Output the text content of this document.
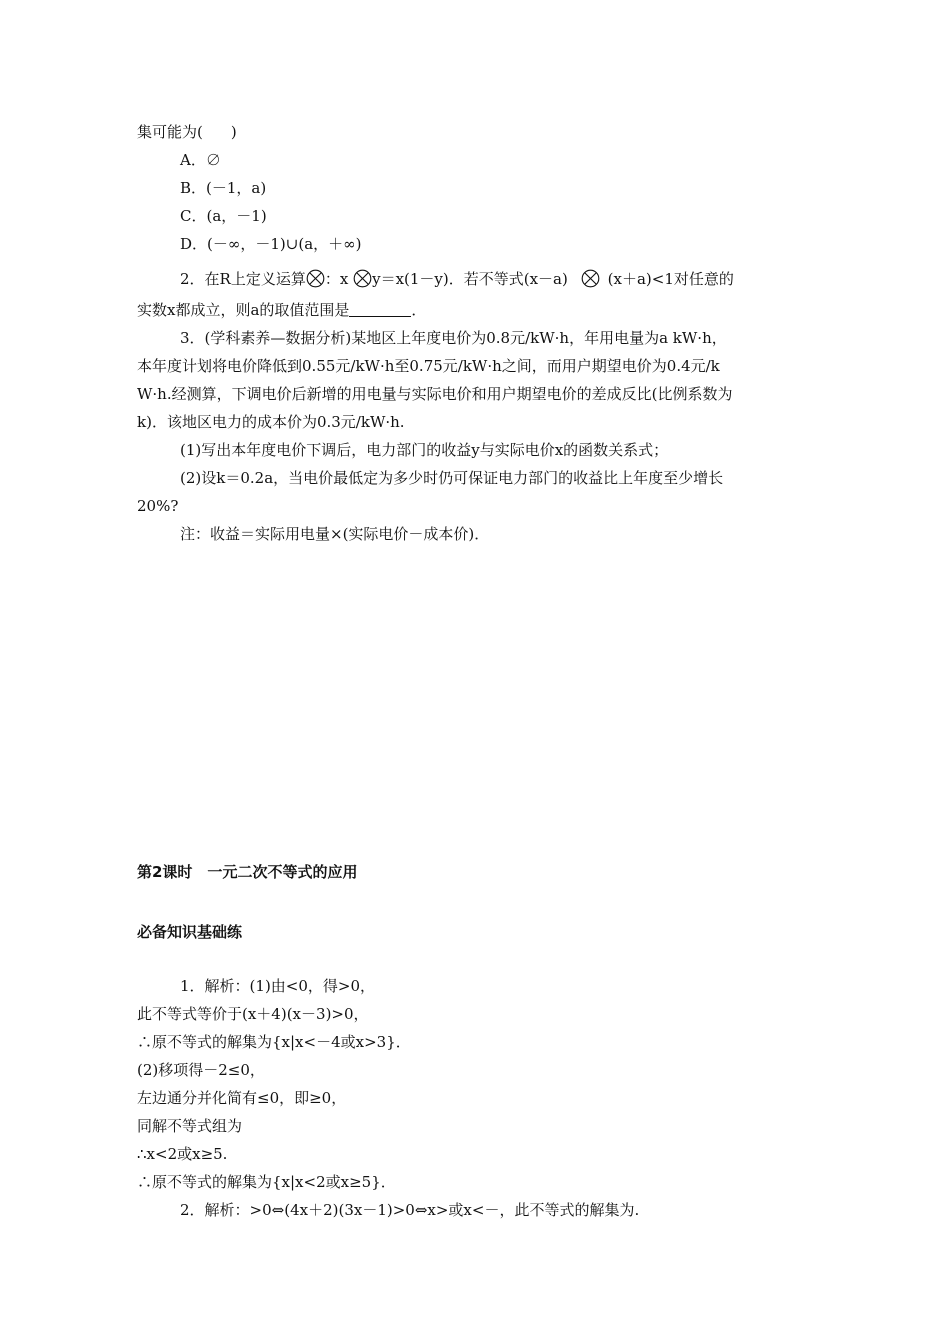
集可能为( )
A．∅
B．(－1，a)
C．(a，－1)
D．(－∞，－1)∪(a，＋∞)
2．在R上定义运算 ：x y＝x(1－y)．若不等式(x－a)	(x＋a)<1对任意的
实数x都成立，则a的取值范围是	．
3．(学科素养—数据分析)某地区上年度电价为0.8元/kW·h，年用电量为a kW·h，
本年度计划将电价降低到0.55元/kW·h至0.75元/kW·h之间，而用户期望电价为0.4元/k
W·h.经测算，下调电价后新增的用电量与实际电价和用户期望电价的差成反比(比例系数为
k)．该地区电力的成本价为0.3元/kW·h.
(1)写出本年度电价下调后，电力部门的收益y与实际电价x的函数关系式；
(2)设k＝0.2a，当电价最低定为多少时仍可保证电力部门的收益比上年度至少增长
20%?
注：收益＝实际用电量×(实际电价－成本价)．
第2课时　一元二次不等式的应用
必备知识基础练
1．解析：(1)由<0，得>0，
此不等式等价于(x＋4)(x－3)>0，
∴原不等式的解集为{x|x<－4或x>3}．
(2)移项得－2≤0，
左边通分并化简有≤0，即≥0，
同解不等式组为
∴x<2或x≥5.
∴原不等式的解集为{x|x<2或x≥5}．
2．解析：>0⇔(4x＋2)(3x－1)>0⇔x>或x<－，此不等式的解集为.
